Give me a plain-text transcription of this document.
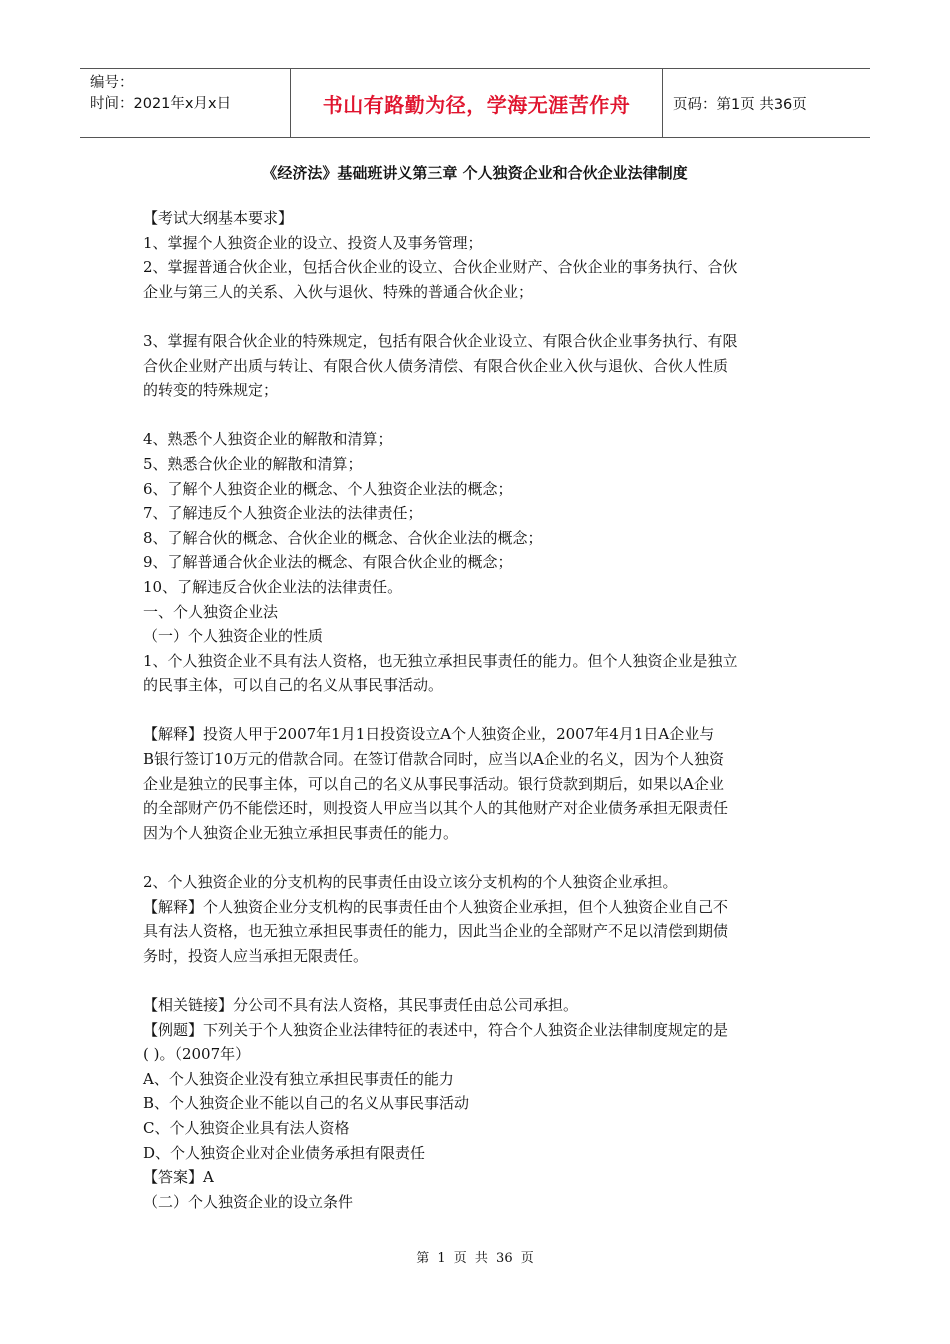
编号：
时间：2021年x月x日	书山有路勤为径，学海无涯苦作舟	页码：第1页 共36页
《经济法》基础班讲义第三章 个人独资企业和合伙企业法律制度
【考试大纲基本要求】
1、掌握个人独资企业的设立、投资人及事务管理；
2、掌握普通合伙企业，包括合伙企业的设立、合伙企业财产、合伙企业的事务执行、合伙
企业与第三人的关系、入伙与退伙、特殊的普通合伙企业；
3、掌握有限合伙企业的特殊规定，包括有限合伙企业设立、有限合伙企业事务执行、有限
合伙企业财产出质与转让、有限合伙人债务清偿、有限合伙企业入伙与退伙、合伙人性质
的转变的特殊规定；
4、熟悉个人独资企业的解散和清算；
5、熟悉合伙企业的解散和清算；
6、了解个人独资企业的概念、个人独资企业法的概念；
7、了解违反个人独资企业法的法律责任；
8、了解合伙的概念、合伙企业的概念、合伙企业法的概念；
9、了解普通合伙企业法的概念、有限合伙企业的概念；
10、了解违反合伙企业法的法律责任。
一、个人独资企业法
（一）个人独资企业的性质
1、个人独资企业不具有法人资格，也无独立承担民事责任的能力。但个人独资企业是独立
的民事主体，可以自己的名义从事民事活动。
【解释】投资人甲于2007年1月1日投资设立A个人独资企业，2007年4月1日A企业与
B银行签订10万元的借款合同。在签订借款合同时，应当以A企业的名义，因为个人独资
企业是独立的民事主体，可以自己的名义从事民事活动。银行贷款到期后，如果以A企业
的全部财产仍不能偿还时，则投资人甲应当以其个人的其他财产对企业债务承担无限责任
因为个人独资企业无独立承担民事责任的能力。
2、个人独资企业的分支机构的民事责任由设立该分支机构的个人独资企业承担。
【解释】个人独资企业分支机构的民事责任由个人独资企业承担，但个人独资企业自己不
具有法人资格，也无独立承担民事责任的能力，因此当企业的全部财产不足以清偿到期债
务时，投资人应当承担无限责任。
【相关链接】分公司不具有法人资格，其民事责任由总公司承担。
【例题】下列关于个人独资企业法律特征的表述中，符合个人独资企业法律制度规定的是
( )。（2007年）
A、个人独资企业没有独立承担民事责任的能力
B、个人独资企业不能以自己的名义从事民事活动
C、个人独资企业具有法人资格
D、个人独资企业对企业债务承担有限责任
【答案】A
（二）个人独资企业的设立条件
第 1 页 共 36 页
